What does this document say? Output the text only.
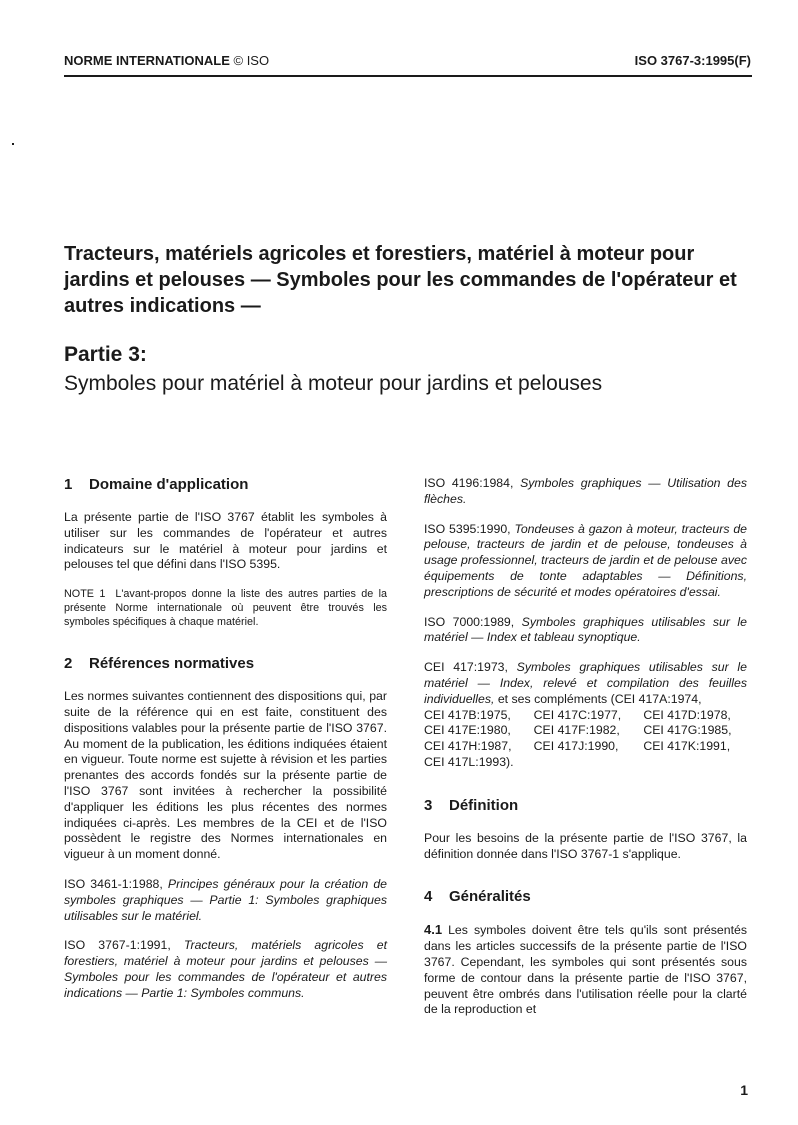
NORME INTERNATIONALE © ISO	ISO 3767-3:1995(F)
Tracteurs, matériels agricoles et forestiers, matériel à moteur pour jardins et pelouses — Symboles pour les commandes de l'opérateur et autres indications —
Partie 3:
Symboles pour matériel à moteur pour jardins et pelouses
1 Domaine d'application

La présente partie de l'ISO 3767 établit les symboles à utiliser sur les commandes de l'opérateur et autres indicateurs sur le matériel à moteur pour jardins et pelouses tel que défini dans l'ISO 5395.

NOTE 1 L'avant-propos donne la liste des autres parties de la présente Norme internationale où peuvent être trouvés les symboles spécifiques à chaque matériel.

2 Références normatives

Les normes suivantes contiennent des dispositions qui, par suite de la référence qui en est faite, constituent des dispositions valables pour la présente partie de l'ISO 3767. Au moment de la publication, les éditions indiquées étaient en vigueur. Toute norme est sujette à révision et les parties prenantes des accords fondés sur la présente partie de l'ISO 3767 sont invitées à rechercher la possibilité d'appliquer les éditions les plus récentes des normes indiquées ci-après. Les membres de la CEI et de l'ISO possèdent le registre des Normes internationales en vigueur à un moment donné.

ISO 3461-1:1988, Principes généraux pour la création de symboles graphiques — Partie 1: Symboles graphiques utilisables sur le matériel.

ISO 3767-1:1991, Tracteurs, matériels agricoles et forestiers, matériel à moteur pour jardins et pelouses — Symboles pour les commandes de l'opérateur et autres indications — Partie 1: Symboles communs.

ISO 4196:1984, Symboles graphiques — Utilisation des flèches.

ISO 5395:1990, Tondeuses à gazon à moteur, tracteurs de pelouse, tracteurs de jardin et de pelouse, tondeuses à usage professionnel, tracteurs de jardin et de pelouse avec équipements de tonte adaptables — Définitions, prescriptions de sécurité et modes opératoires d'essai.

ISO 7000:1989, Symboles graphiques utilisables sur le matériel — Index et tableau synoptique.

CEI 417:1973, Symboles graphiques utilisables sur le matériel — Index, relevé et compilation des feuilles individuelles, et ses compléments (CEI 417A:1974,

CEI 417B:1975,	CEI 417C:1977,	CEI 417D:1978,
CEI 417E:1980,	CEI 417F:1982,	CEI 417G:1985,
CEI 417H:1987,	CEI 417J:1990,	CEI 417K:1991,
CEI 417L:1993).
3 Définition

Pour les besoins de la présente partie de l'ISO 3767, la définition donnée dans l'ISO 3767-1 s'applique.

4 Généralités

4.1 Les symboles doivent être tels qu'ils sont présentés dans les articles successifs de la présente partie de l'ISO 3767. Cependant, les symboles qui sont présentés sous forme de contour dans la présente partie de l'ISO 3767, peuvent être ombrés dans l'utilisation réelle pour la clarté de la reproduction et

1
